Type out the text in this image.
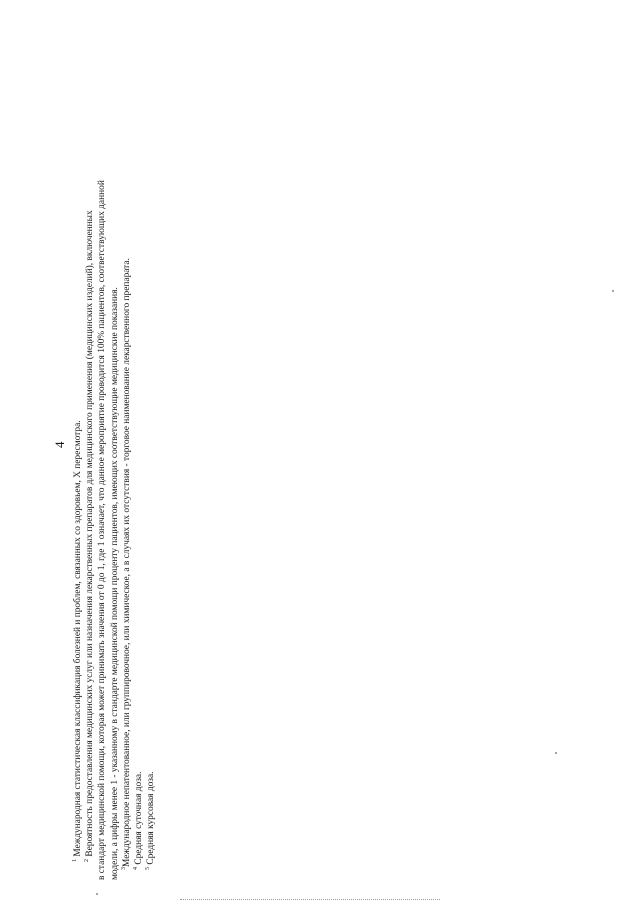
4
$^1$ Международная статистическая классификация болезней и проблем, связанных со здоровьем, X пересмотра.
$^2$ Вероятность предоставления медицинских услуг или назначения лекарственных препаратов для медицинского применения (медицинских изделий), включенных в стандарт медицинской помощи, которая может принимать значения от 0 до 1, где 1 означает, что данное мероприятие проводится 100% пациентов, соответствующих данной модели, а цифры менее 1 - указанному в стандарте медицинской помощи проценту пациентов, имеющих соответствующие медицинские показания. $^3$Международное непатентованное, или группировочное, или химическое, а в случаях их отсутствия - торговое наименование лекарственного препарата.
$^4$ Средняя суточная доза.
$^5$ Средняя курсовая доза.
